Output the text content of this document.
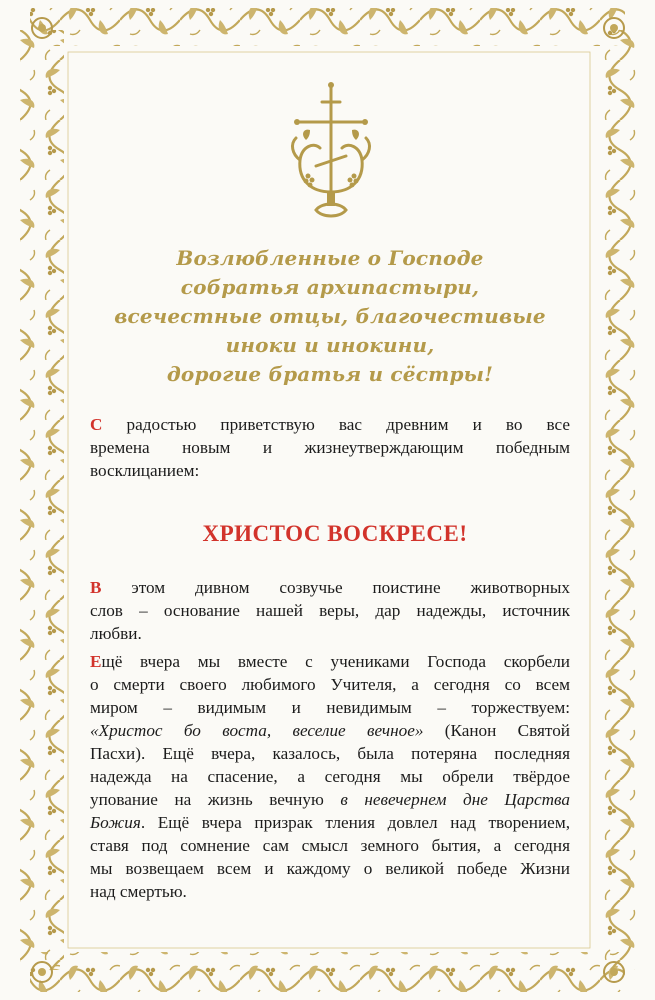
Возлюбленные о Господе
собратья архипастыри,
всечестные отцы, благочестивые
иноки и инокини,
дорогие братья и сёстры!
С радостью приветствую вас древним и во все
времена новым и жизнеутверждающим победным
восклицанием:
ХРИСТОС ВОСКРЕСЕ!
В этом дивном созвучье поистине животворных
слов – основание нашей веры, дар надежды, источник
любви.
Ещё вчера мы вместе с учениками Господа скорбели
о смерти своего любимого Учителя, а сегодня со всем
миром – видимым и невидимым – торжествуем:
«Христос бо воста, веселие вечное» (Канон Святой
Пасхи). Ещё вчера, казалось, была потеряна последняя
надежда на спасение, а сегодня мы обрели твёрдое
упование на жизнь вечную в невечернем дне Царства
Божия. Ещё вчера призрак тления довлел над творением,
ставя под сомнение сам смысл земного бытия, а сегодня
мы возвещаем всем и каждому о великой победе Жизни
над смертью.
